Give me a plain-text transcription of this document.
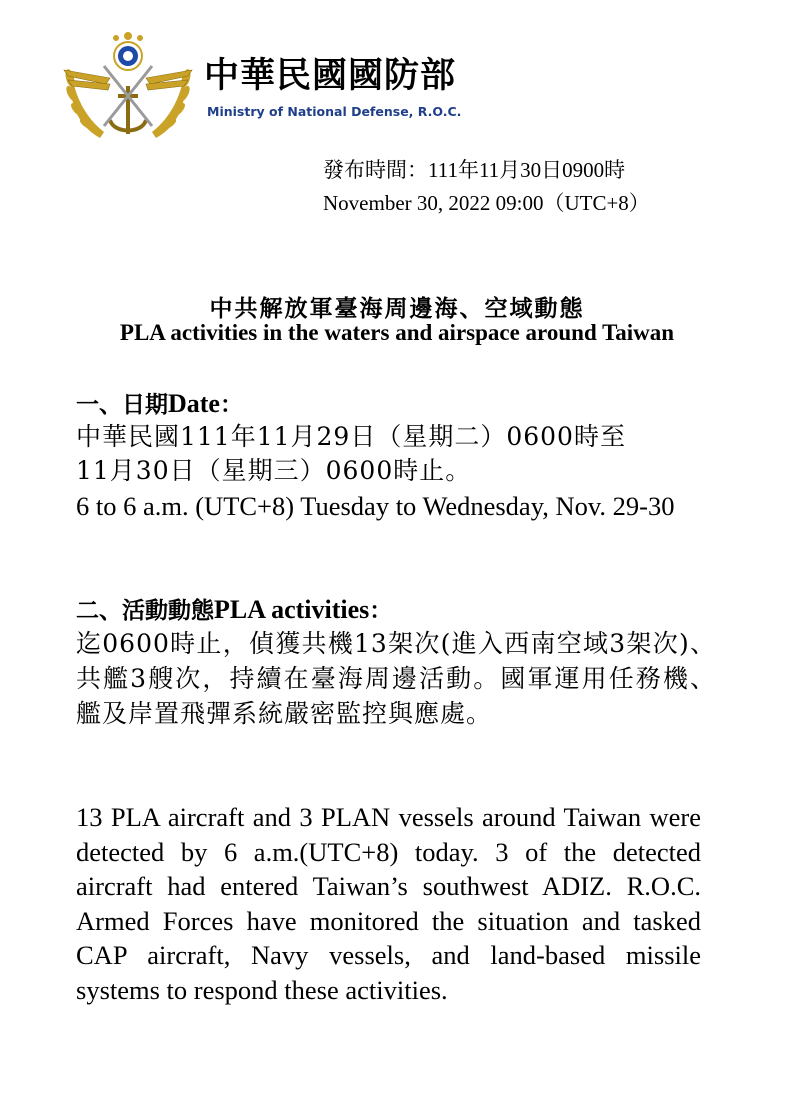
中華民國國防部
Ministry of National Defense, R.O.C.
發布時間：111年11月30日0900時
November 30, 2022 09:00（UTC+8）
中共解放軍臺海周邊海、空域動態
PLA activities in the waters and airspace around Taiwan
一、日期Date：
中華民國111年11月29日（星期二）0600時至
11月30日（星期三）0600時止。
6 to 6 a.m. (UTC+8) Tuesday to Wednesday, Nov. 29-30
二、活動動態PLA activities：
迄0600時止，偵獲共機13架次(進入西南空域3架次)、共艦3艘次，持續在臺海周邊活動。國軍運用任務機、艦及岸置飛彈系統嚴密監控與應處。
13 PLA aircraft and 3 PLAN vessels around Taiwan were detected by 6 a.m.(UTC+8) today. 3 of the detected aircraft had entered Taiwan’s southwest ADIZ. R.O.C. Armed Forces have monitored the situation and tasked CAP aircraft, Navy vessels, and land-based missile systems to respond these activities.
